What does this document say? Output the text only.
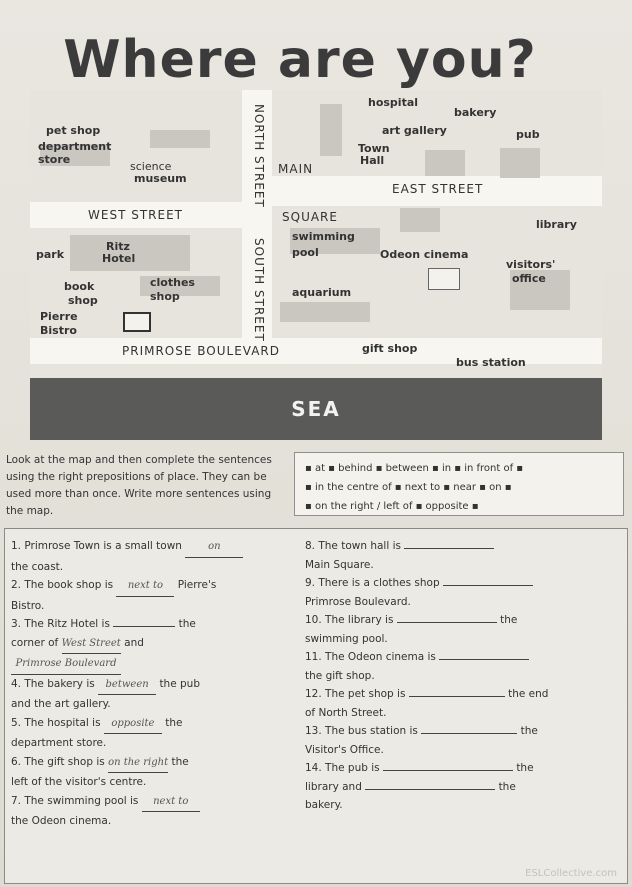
Where are you?
WEST STREET
EAST STREET
NORTH STREET
SOUTH STREET
PRIMROSE BOULEVARD
MAIN
SQUARE
pet shop
department
store
science
museum
hospital
bakery
art gallery	pub
Town
Hall
park
Ritz
Hotel
book
shop
clothes
shop
Pierre
Bistro
swimming
pool
library
Odeon cinema
visitors'
office
aquarium
gift shop
bus station
SEA
Look at the map and then complete the sentences using the right prepositions of place. They can be used more than once. Write more sentences using the map.
▪ at ▪ behind ▪ between ▪ in ▪ in front of ▪
▪ in the centre of ▪ next to ▪ near ▪ on ▪
▪ on the right / left of ▪ opposite ▪

1. Primrose Town is a small town	on

the coast.

2. The book shop is next to Pierre's

Bistro.

3. The Ritz Hotel is	the

corner of West Street and

Primrose Boulevard

4. The bakery is between the pub

and the art gallery.

5. The hospital is opposite the

department store.

6. The gift shop is on the right the

left of the visitor's centre.

7. The swimming pool is next to

the Odeon cinema.

8. The town hall is

Main Square.

9. There is a clothes shop

Primrose Boulevard.

10. The library is	the

swimming pool.

11. The Odeon cinema is

the gift shop.

12. The pet shop is	the end

of North Street.

13. The bus station is	the

Visitor's Office.

14. The pub is	the

library and	the

bakery.

ESLCollective.com
